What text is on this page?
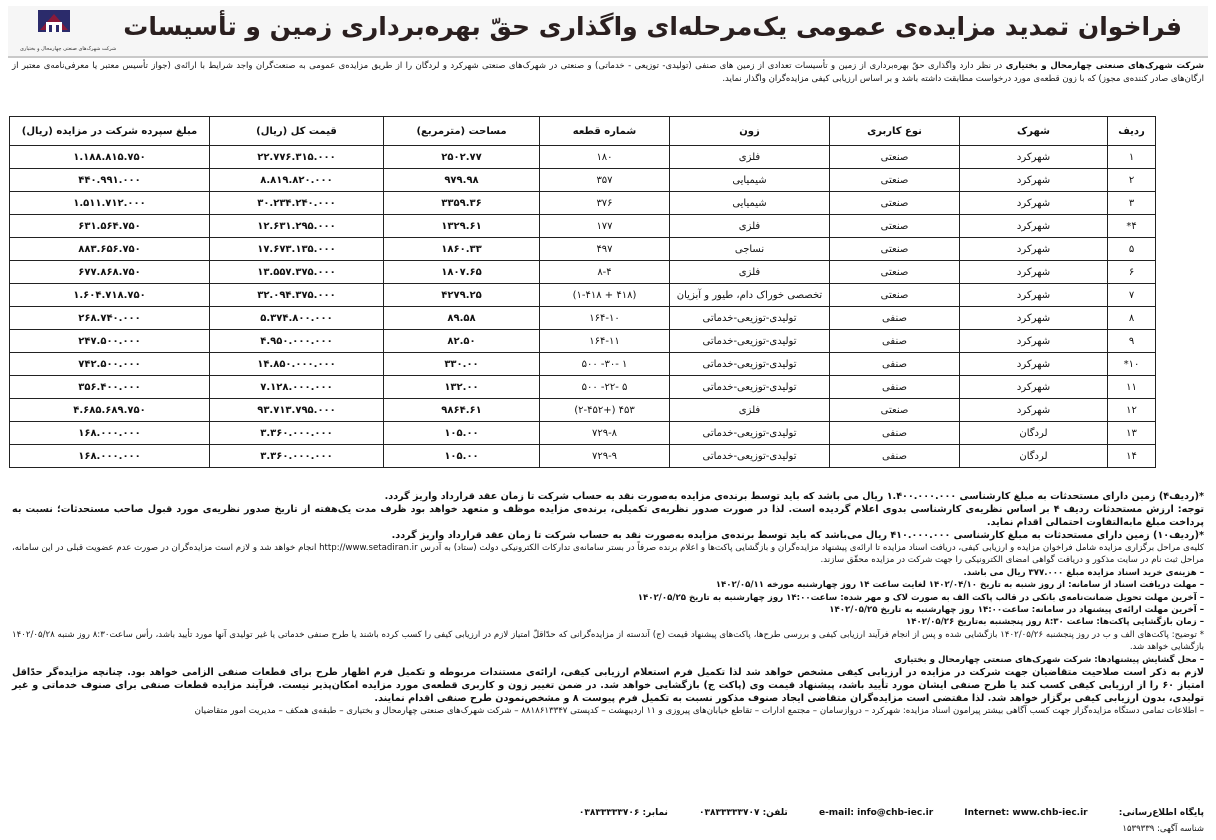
فراخوان تمدید مزایده‌ی عمومی یک‌مرحله‌ای واگذاری حقّ بهره‌برداری زمین و تأسیسات
شرکت شهرک‌های صنعتی چهارمحال و بختیاری
شرکت شهرک‌های صنعتی چهارمحال و بختیاری در نظر دارد واگذاری حقّ بهره‌برداری از زمین و تأسیسات تعدادی از زمین های صنفی (تولیدی- توزیعی - خدماتی) و صنعتی در شهرک‌های صنعتی شهرکرد و لردگان را از طریق مزایده‌ی عمومی به صنعت‌گران واجد شرایط با ارائه‌ی (جواز تأسیس معتبر یا معرفی‌نامه‌ی معتبر از ارگان‌های صادر کننده‌ی مجوز) که با زون قطعه‌ی مورد درخواست مطابقت داشته باشد و بر اساس ارزیابی کیفی مزایده‌گران واگذار نماید.
ردیف	شهرک	نوع کاربری	زون	شماره قطعه	مساحت (مترمربع)	قیمت کل (ریال)	مبلغ سپرده شرکت در مزایده (ریال)
۱	شهرکرد	صنعتی	فلزی	۱۸۰	۲۵۰۲.۷۷	۲۲.۷۷۶.۳۱۵.۰۰۰	۱.۱۸۸.۸۱۵.۷۵۰
۲	شهرکرد	صنعتی	شیمیایی	۳۵۷	۹۷۹.۹۸	۸.۸۱۹.۸۲۰.۰۰۰	۴۴۰.۹۹۱.۰۰۰
۳	شهرکرد	صنعتی	شیمیایی	۳۷۶	۳۳۵۹.۳۶	۳۰.۲۳۴.۲۴۰.۰۰۰	۱.۵۱۱.۷۱۲.۰۰۰
۴*	شهرکرد	صنعتی	فلزی	۱۷۷	۱۳۲۹.۶۱	۱۲.۶۳۱.۲۹۵.۰۰۰	۶۳۱.۵۶۴.۷۵۰
۵	شهرکرد	صنعتی	نساجی	۴۹۷	۱۸۶۰.۳۳	۱۷.۶۷۳.۱۳۵.۰۰۰	۸۸۳.۶۵۶.۷۵۰
۶	شهرکرد	صنعتی	فلزی	۸-۴	۱۸۰۷.۶۵	۱۳.۵۵۷.۳۷۵.۰۰۰	۶۷۷.۸۶۸.۷۵۰
۷	شهرکرد	صنعتی	تخصصی خوراک دام، طیور و آبزیان	(۴۱۸ + ۱-۴۱۸)	۴۲۷۹.۲۵	۳۲.۰۹۴.۳۷۵.۰۰۰	۱.۶۰۴.۷۱۸.۷۵۰
۸	شهرکرد	صنفی	تولیدی-توزیعی-خدماتی	۱۶۴-۱۰	۸۹.۵۸	۵.۳۷۴.۸۰۰.۰۰۰	۲۶۸.۷۴۰.۰۰۰
۹	شهرکرد	صنفی	تولیدی-توزیعی-خدماتی	۱۶۴-۱۱	۸۲.۵۰	۴.۹۵۰.۰۰۰.۰۰۰	۲۴۷.۵۰۰.۰۰۰
۱۰*	شهرکرد	صنفی	تولیدی-توزیعی-خدماتی	۱ -۳۰- ۵۰۰	۳۳۰.۰۰	۱۴.۸۵۰.۰۰۰.۰۰۰	۷۴۲.۵۰۰.۰۰۰
۱۱	شهرکرد	صنفی	تولیدی-توزیعی-خدماتی	۵ -۲۲- ۵۰۰	۱۳۲.۰۰	۷.۱۲۸.۰۰۰.۰۰۰	۳۵۶.۴۰۰.۰۰۰
۱۲	شهرکرد	صنعتی	فلزی	۴۵۳ (+۲-۴۵۲)	۹۸۶۴.۶۱	۹۳.۷۱۳.۷۹۵.۰۰۰	۴.۶۸۵.۶۸۹.۷۵۰
۱۳	لردگان	صنفی	تولیدی-توزیعی-خدماتی	۷۲۹-۸	۱۰۵.۰۰	۳.۳۶۰.۰۰۰.۰۰۰	۱۶۸.۰۰۰.۰۰۰
۱۴	لردگان	صنفی	تولیدی-توزیعی-خدماتی	۷۲۹-۹	۱۰۵.۰۰	۳.۳۶۰.۰۰۰.۰۰۰	۱۶۸.۰۰۰.۰۰۰

*(ردیف۴) زمین دارای مستحدثات به مبلغ کارشناسی ۱.۴۰۰.۰۰۰.۰۰۰ ریال می باشد که باید توسط برنده‌ی مزایده به‌صورت نقد به حساب شرکت تا زمان عقد قرارداد واریز گردد.

توجه: ارزش مستحدثات ردیف ۴ بر اساس نظریه‌ی کارشناسی بدوی اعلام گردیده است. لذا در صورت صدور نظریه‌ی تکمیلی، برنده‌ی مزایده موظف و متعهد خواهد بود ظرف مدت یک‌هفته از تاریخ صدور نظریه‌ی مورد قبول صاحب مستحدثات؛ نسبت به پرداخت مبلغ مابه‌التفاوت احتمالی اقدام نماید.

*(ردیف۱۰) زمین دارای مستحدثات به مبلغ کارشناسی ۴۱۰.۰۰۰.۰۰۰ ریال می‌باشد که باید توسط برنده‌ی مزایده به‌صورت نقد به حساب شرکت تا زمان عقد قرارداد واریز گردد.

کلیه‌ی مراحل برگزاری مزایده شامل فراخوان مزایده و ارزیابی کیفی، دریافت اسناد مزایده تا ارائه‌ی پیشنهاد مزایده‌گران و بازگشایی پاکت‌ها و اعلام برنده صرفاً در بستر سامانه‌ی تدارکات الکترونیکی دولت (ستاد) به آدرس http://www.setadiran.ir انجام خواهد شد و لازم است مزایده‌گران در صورت عدم عضویت قبلی در این سامانه، مراحل ثبت نام در سایت مذکور و دریافت گواهی امضای الکترونیکی را جهت شرکت در مزایده محقّق سازند.

– هزینه‌ی خرید اسناد مزایده مبلغ ۳۷۷.۰۰۰ ریال می باشد.

– مهلت دریافت اسناد از سامانه: از روز شنبه به تاریخ ۱۴۰۲/۰۴/۱۰ لغایت ساعت ۱۴ روز چهارشنبه مورخه ۱۴۰۲/۰۵/۱۱

– آخرین مهلت تحویل ضمانت‌نامه‌ی بانکی در قالب پاکت الف به صورت لاک و مهر شده: ساعت۱۴:۰۰ روز چهارشنبه به تاریخ ۱۴۰۲/۰۵/۲۵

– آخرین مهلت ارائه‌ی پیشنهاد در سامانه: ساعت۱۴:۰۰ روز چهارشنبه به تاریخ ۱۴۰۲/۰۵/۲۵

– زمان بازگشایی پاکت‌ها: ساعت ۸:۳۰ روز پنجشنبه به‌تاریخ ۱۴۰۲/۰۵/۲۶

* توضیح: پاکت‌های الف و ب در روز پنجشنبه ۱۴۰۲/۰۵/۲۶ بازگشایی شده و پس از انجام فرآیند ارزیابی کیفی و بررسی طرح‌ها، پاکت‌های پیشنهاد قیمت (ج) آندسته از مزایده‌گرانی که حدّاقلّ امتیاز لازم در ارزیابی کیفی را کسب کرده باشند یا طرح صنفی خدماتی یا غیر تولیدی آنها مورد تأیید باشد، رأس ساعت۸:۳۰ روز شنبه ۱۴۰۲/۰۵/۲۸ بازگشایی خواهد شد.

– محل گشایش پیشنهادها: شرکت شهرک‌های صنعتی چهارمحال و بختیاری

لازم به ذکر است صلاحیت متقاضیان جهت شرکت در مزایده در ارزیابی کیفی مشخص خواهد شد لذا تکمیل فرم استعلام ارزیابی کیفی، ارائه‌ی مستندات مربوطه و تکمیل فرم اظهار طرح برای قطعات صنفی الزامی خواهد بود. چنانچه مزایده‌گر حدّاقل امتیاز ۶۰ را از ارزیابی کیفی کسب کند یا طرح صنفی ایشان مورد تأیید باشد، پیشنهاد قیمت وی (پاکت ج) بازگشایی خواهد شد. در ضمن تغییر زون و کاربری قطعه‌ی مورد مزایده امکان‌پذیر نیست. فرآیند مزایده قطعات صنفی برای صنوف خدماتی و غیر تولیدی، بدون ارزیابی کیفی برگزار خواهد شد. لذا مقتضی است مزایده‌گران متقاضی ایجاد صنوف مذکور نسبت به تکمیل فرم پیوست ۸ و مشخص‌نمودن طرح صنفی اقدام نمایند.

– اطلاعات تمامی دستگاه مزایده‌گزار جهت کسب آگاهی بیشتر پیرامون اسناد مزایده: شهرکرد – دروازسامان – مجتمع ادارات – تقاطع خیابان‌های پیروزی و ۱۱ اردیبهشت – کدپستی ۸۸۱۸۶۱۳۳۴۷ – شرکت شهرک‌های صنعتی چهارمحال و بختیاری – طبقه‌ی همکف – مدیریت امور متقاضیان

پایگاه اطلاع‌رسانی: e-mail: info@chb-iec.ir	Internet: www.chb-iec.ir تلفن: ۰۳۸۳۳۳۳۳۷۰۷ نمابر: ۰۳۸۳۳۳۳۳۷۰۶
شناسه آگهی: ۱۵۳۹۳۳۹
